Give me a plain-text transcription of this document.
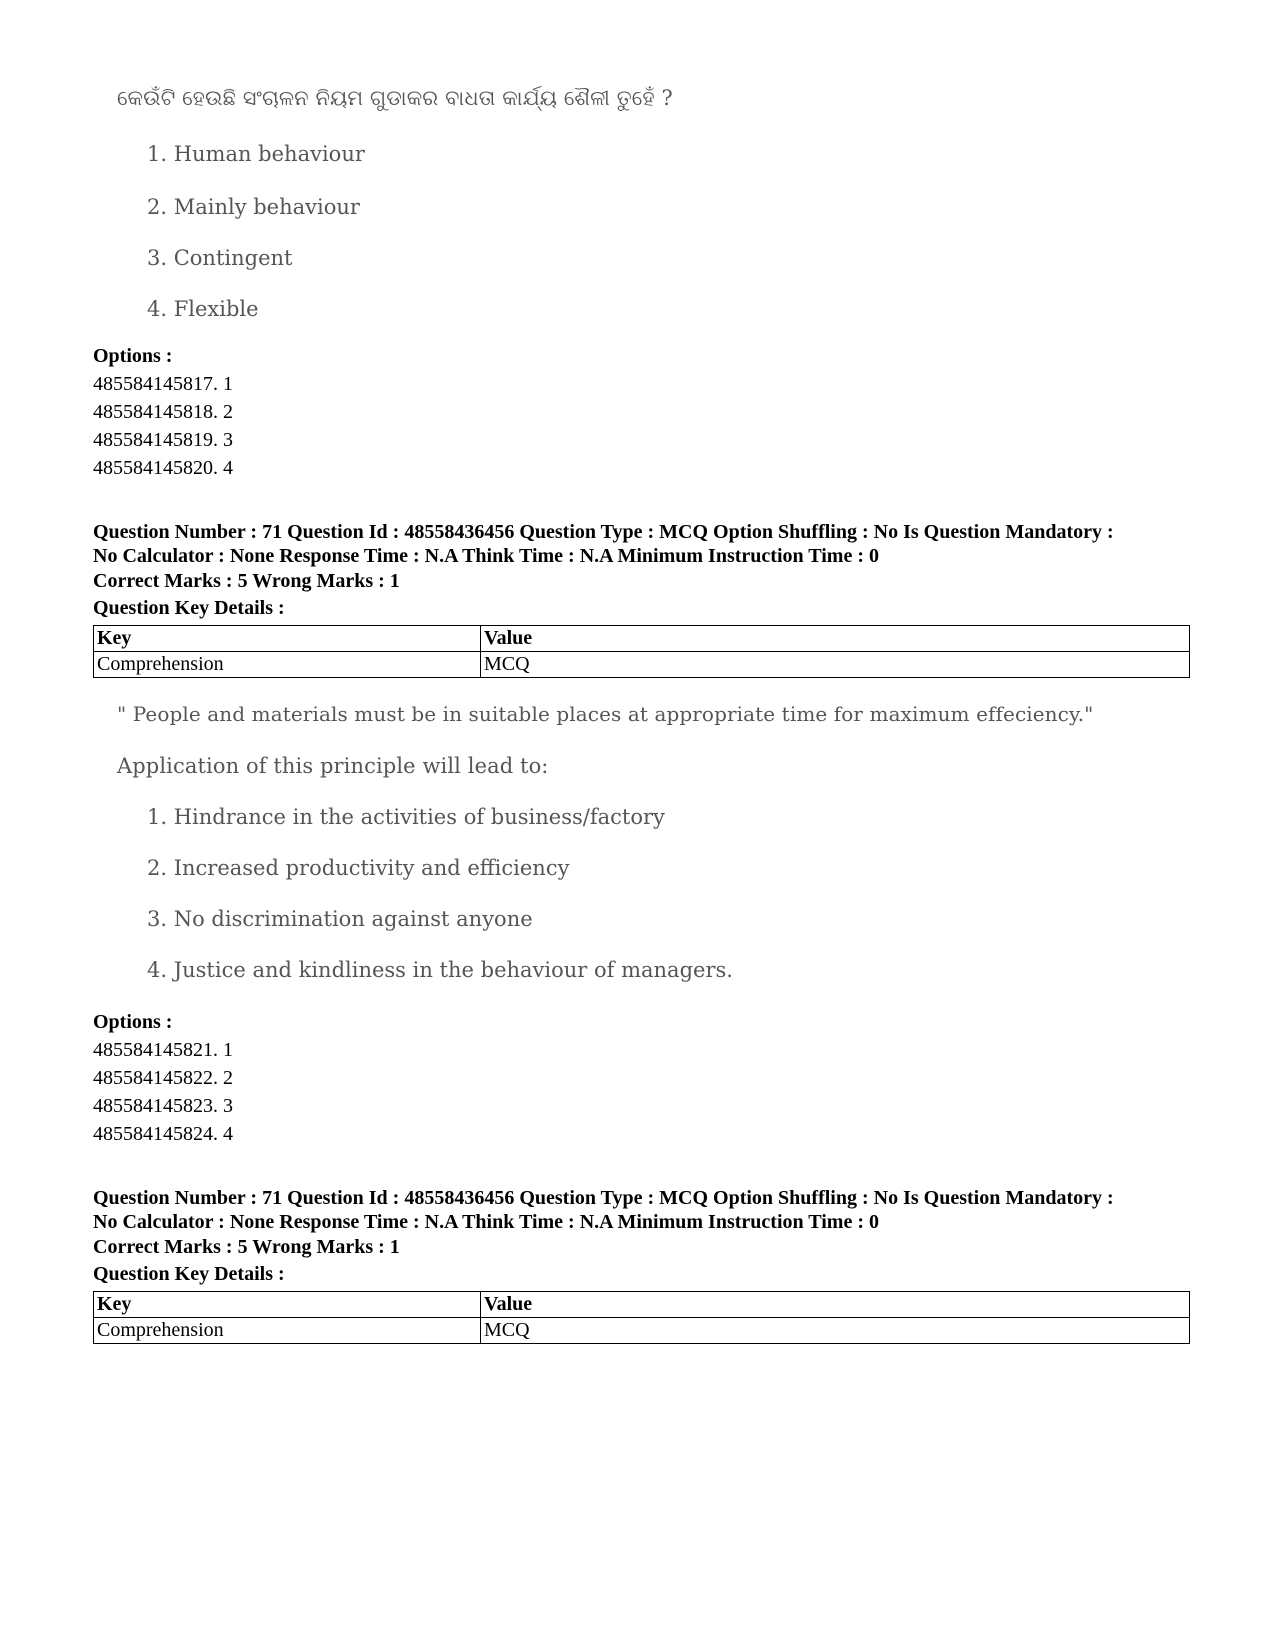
କେଉଁଟି ହେଉଛି ସଂଚାଳନ ନିୟମ ଗୁଡାକର ବାଧତା କାର୍ଯ୍ୟ ଶୈଳୀ ତୁହେଁ ?
1. Human behaviour
2. Mainly behaviour
3. Contingent
4. Flexible
Options :
485584145817. 1
485584145818. 2
485584145819. 3
485584145820. 4
Question Number : 71 Question Id : 48558436456 Question Type : MCQ Option Shuffling : No Is Question Mandatory :
No Calculator : None Response Time : N.A Think Time : N.A Minimum Instruction Time : 0
Correct Marks : 5 Wrong Marks : 1
Question Key Details :
Key	Value
Comprehension	MCQ
" People and materials must be in suitable places at appropriate time for maximum effeciency."
Application of this principle will lead to:
1. Hindrance in the activities of business/factory
2. Increased productivity and efficiency
3. No discrimination against anyone
4. Justice and kindliness in the behaviour of managers.
Options :
485584145821. 1
485584145822. 2
485584145823. 3
485584145824. 4
Question Number : 71 Question Id : 48558436456 Question Type : MCQ Option Shuffling : No Is Question Mandatory :
No Calculator : None Response Time : N.A Think Time : N.A Minimum Instruction Time : 0
Correct Marks : 5 Wrong Marks : 1
Question Key Details :
Key	Value
Comprehension	MCQ
